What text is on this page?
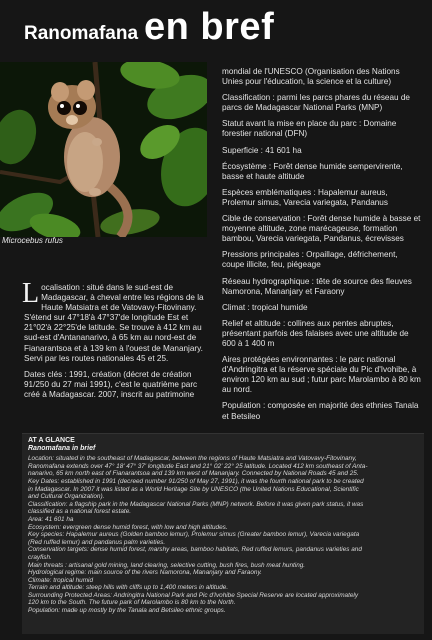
Ranomafana en bref
Microcebus rufus

mondial de l'UNESCO (Organisation des Nations Unies pour l'éducation, la science et la culture)

Classification : parmi les parcs phares du réseau de parcs de Madagascar National Parks (MNP)

Statut avant la mise en place du parc : Domaine forestier national (DFN)

Superficie : 41 601 ha

Écosystème : Forêt dense humide sempervirente, basse et haute altitude

Espèces emblématiques : Hapalemur aureus, Prolemur simus, Varecia variegata, Pandanus

Cible de conservation : Forêt dense humide à basse et moyenne altitude, zone marécageuse, formation bambou, Varecia variegata, Pandanus, écrevisses

Pressions principales : Orpaillage, défrichement, coupe illicite, feu, piégeage

Réseau hydrographique : tête de source des fleuves Namorona, Mananjary et Faraony

Climat : tropical humide

Relief et altitude : collines aux pentes abruptes, présentant parfois des falaises avec une altitude de 600 à 1 400 m

Aires protégées environnantes : le parc national d'Andringitra et la réserve spéciale du Pic d'Ivohibe, à environ 120 km au sud ; futur parc Marolambo à 80 km au nord.

Population : composée en majorité des ethnies Tanala et Betsileo

Localisation : situé dans le sud-est de Madagascar, à cheval entre les régions de la Haute Matsiatra et de Vatovavy-Fitovinany. S'étend sur 47°18'à 47°37'de longitude Est et 21°02'à 22°25'de latitude. Se trouve à 412 km au sud-est d'Antananarivo, à 65 km au nord-est de Fianarantsoa et à 139 km à l'ouest de Mananjary. Servi par les routes nationales 45 et 25.

Dates clés : 1991, création (décret de création 91/250 du 27 mai 1991), c'est le quatrième parc créé à Madagascar. 2007, inscrit au patrimoine

AT A GLANCE
Ranomafana in brief
Location: situated in the southeast of Madagascar, between the regions of Haute Matsiatra and Vatovavy-Fitovinany,
Ranomafana extends over 47° 18' 47° 37' longitude East and 21° 02' 22° 25 latitude. Located 412 km southeast of Anta-
nanarivo, 65 km north east of Fianarantsoa and 139 km west of Mananjary. Connected by National Roads 45 and 25.
Key Dates: established in 1991 (decreed number 91/250 of May 27, 1991), it was the fourth national park to be created
in Madagascar. In 2007 it was listed as a World Heritage Site by UNESCO (the United Nations Educational, Scientific
and Cultural Organization).
Classification: a flagship park in the Madagascar National Parks (MNP) network. Before it was given park status, it was
classified as a national forest estate.
Area: 41 601 ha
Ecosystem: evergreen dense humid forest, with low and high altitudes.
Key species: Hapalemur aureus (Golden bamboo lemur), Prolemur simus (Greater bamboo lemur), Varecia variegata
(Red ruffed lemur) and pandanus palm varieties.
Conservation targets: dense humid forest, marshy areas, bamboo habitats, Red ruffed lemurs, pandanus varieties and
crayfish.
Main threats : artisanal gold mining, land clearing, selective cutting, bush fires, bush meat hunting.
Hydrological regime: main source of the rivers Namorona, Mananjary and Faraony.
Climate: tropical humid
Terrain and altitude: steep hills with cliffs up to 1,400 meters in altitude.
Surrounding Protected Areas: Andringitra National Park and Pic d'Ivohibe Special Reserve are located approximately
120 km to the South. The future park of Marolambo is 80 km to the North.
Population: made up mostly by the Tanala and Betsileo ethnic groups.
